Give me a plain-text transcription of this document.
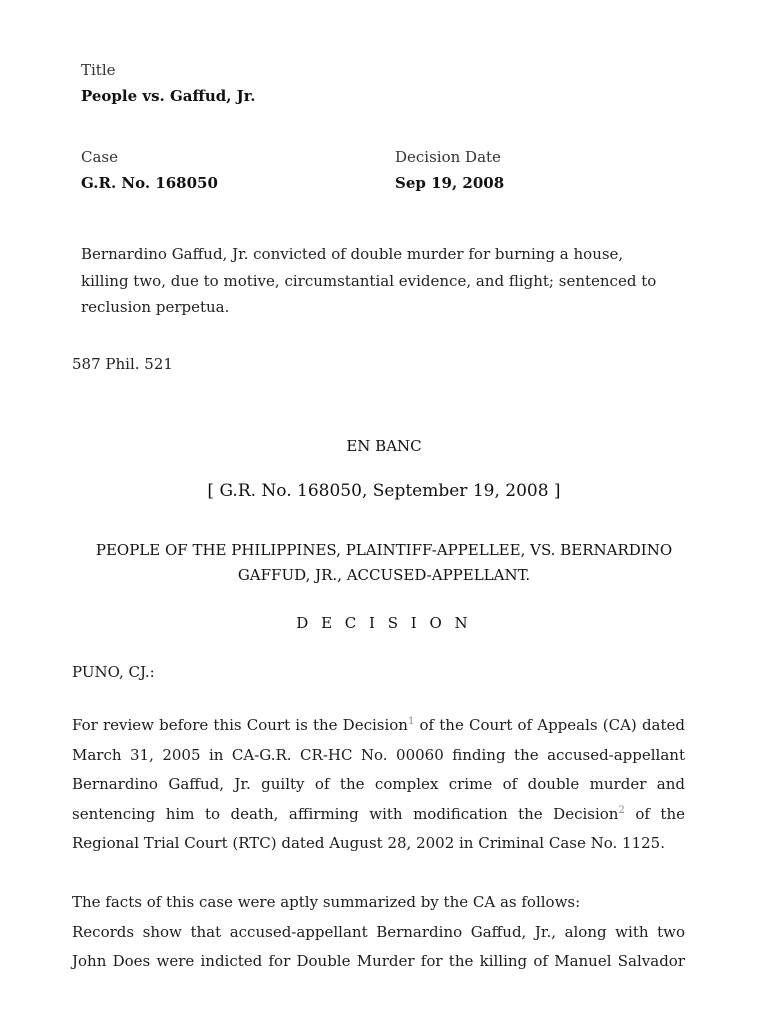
Title
People vs. Gaffud, Jr.
Case
G.R. No. 168050
Decision Date
Sep 19, 2008

Bernardino Gaffud, Jr. convicted of double murder for burning a house,
killing two, due to motive, circumstantial evidence, and flight; sentenced to
reclusion perpetua.

587 Phil. 521
EN BANC
[ G.R. No. 168050, September 19, 2008 ]
PEOPLE OF THE PHILIPPINES, PLAINTIFF-APPELLEE, VS. BERNARDINO GAFFUD, JR., ACCUSED-APPELLANT.
D E C I S I O N
PUNO, CJ.:
For review before this Court is the Decision$^1$ of the Court of Appeals (CA) dated
March 31, 2005 in CA-G.R. CR-HC No. 00060 finding the accused-appellant
Bernardino Gaffud, Jr. guilty of the complex crime of double murder and
sentencing him to death, affirming with modification the Decision$^2$ of the
Regional Trial Court (RTC) dated August 28, 2002 in Criminal Case No. 1125.
The facts of this case were aptly summarized by the CA as follows:
Records show that accused-appellant Bernardino Gaffud, Jr., along with two
John Does were indicted for Double Murder for the killing of Manuel Salvador
